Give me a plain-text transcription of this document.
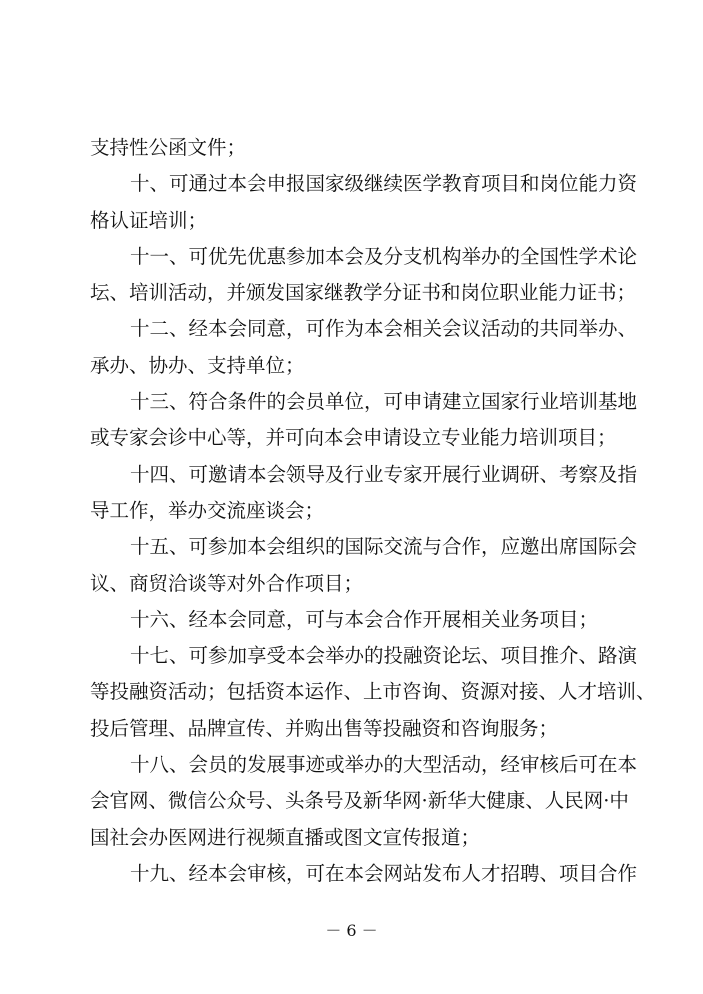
支持性公函文件；
十、可通过本会申报国家级继续医学教育项目和岗位能力资
格认证培训；
十一、可优先优惠参加本会及分支机构举办的全国性学术论
坛、培训活动，并颁发国家继教学分证书和岗位职业能力证书；
十二、经本会同意，可作为本会相关会议活动的共同举办、
承办、协办、支持单位；
十三、符合条件的会员单位，可申请建立国家行业培训基地
或专家会诊中心等，并可向本会申请设立专业能力培训项目；
十四、可邀请本会领导及行业专家开展行业调研、考察及指
导工作，举办交流座谈会；
十五、可参加本会组织的国际交流与合作，应邀出席国际会
议、商贸洽谈等对外合作项目；
十六、经本会同意，可与本会合作开展相关业务项目；
十七、可参加享受本会举办的投融资论坛、项目推介、路演
等投融资活动；包括资本运作、上市咨询、资源对接、人才培训、
投后管理、品牌宣传、并购出售等投融资和咨询服务；
十八、会员的发展事迹或举办的大型活动，经审核后可在本
会官网、微信公众号、头条号及新华网·新华大健康、人民网·中
国社会办医网进行视频直播或图文宣传报道；
十九、经本会审核，可在本会网站发布人才招聘、项目合作
－ 6 －
